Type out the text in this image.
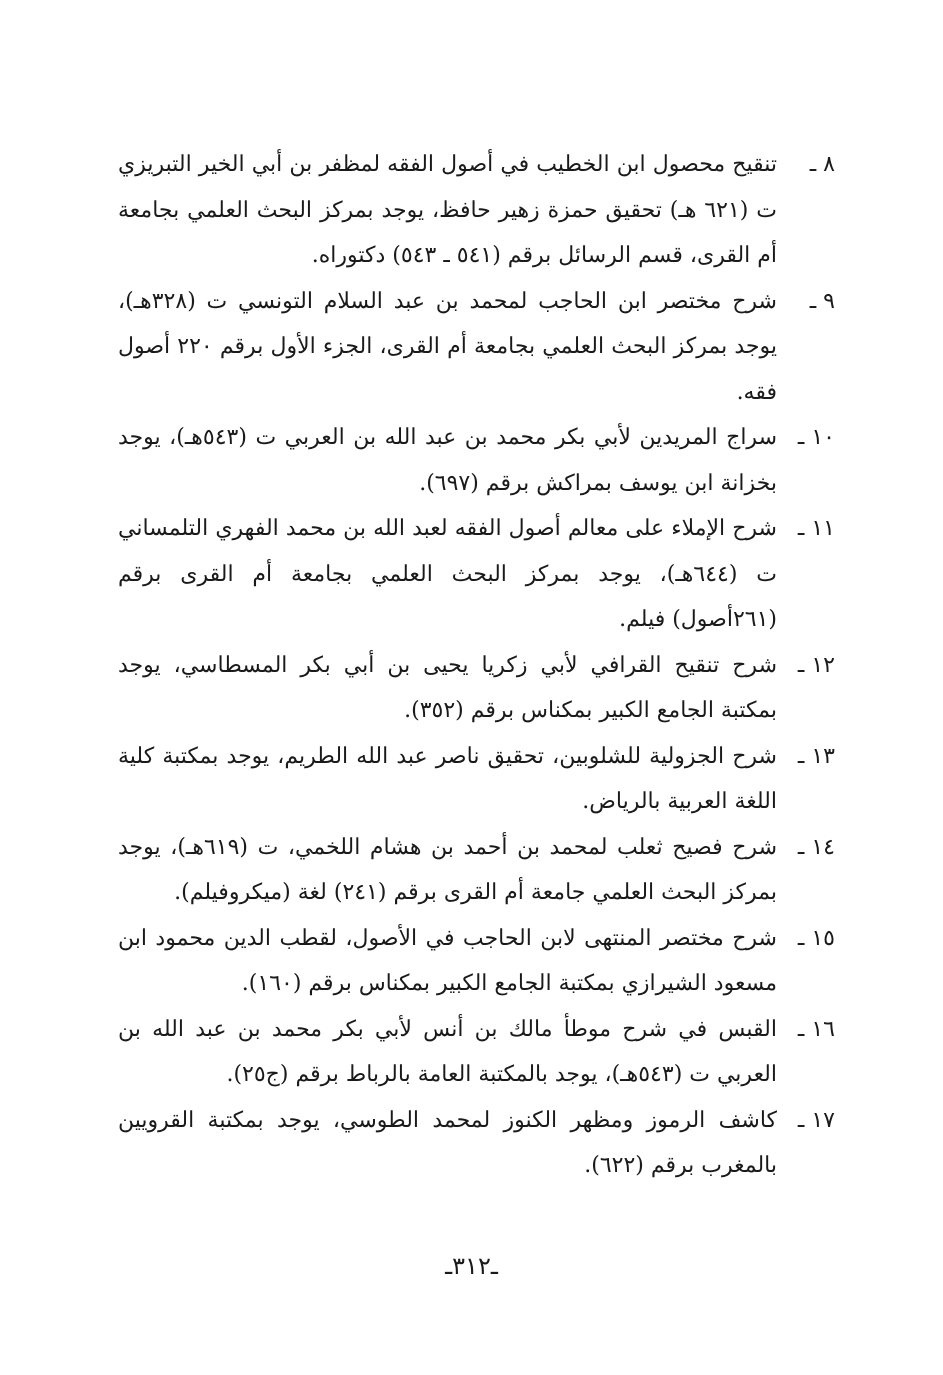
٨ ـ
تنقيح محصول ابن الخطيب في أصول الفقه لمظفر بن أبي الخير التبريزي ت (٦٢١ هـ) تحقيق حمزة زهير حافظ، يوجد بمركز البحث العلمي بجامعة أم القرى، قسم الرسائل برقم (٥٤١ ـ ٥٤٣) دكتوراه.
٩ ـ
شرح مختصر ابن الحاجب لمحمد بن عبد السلام التونسي ت (٣٢٨هـ)، يوجد بمركز البحث العلمي بجامعة أم القرى، الجزء الأول برقم ٢٢٠ أصول فقه.
١٠ ـ
سراج المريدين لأبي بكر محمد بن عبد الله بن العربي ت (٥٤٣هـ)، يوجد بخزانة ابن يوسف بمراكش برقم (٦٩٧).
١١ ـ
شرح الإملاء على معالم أصول الفقه لعبد الله بن محمد الفهري التلمساني ت (٦٤٤هـ)، يوجد بمركز البحث العلمي بجامعة أم القرى برقم (٢٦١أصول) فيلم.
١٢ ـ
شرح تنقيح القرافي لأبي زكريا يحيى بن أبي بكر المسطاسي، يوجد بمكتبة الجامع الكبير بمكناس برقم (٣٥٢).
١٣ ـ
شرح الجزولية للشلوبين، تحقيق ناصر عبد الله الطريم، يوجد بمكتبة كلية اللغة العربية بالرياض.
١٤ ـ
شرح فصيح ثعلب لمحمد بن أحمد بن هشام اللخمي، ت (٦١٩هـ)، يوجد بمركز البحث العلمي جامعة أم القرى برقم (٢٤١) لغة (ميكروفيلم).
١٥ ـ
شرح مختصر المنتهى لابن الحاجب في الأصول، لقطب الدين محمود ابن مسعود الشيرازي بمكتبة الجامع الكبير بمكناس برقم (١٦٠).
١٦ ـ
القبس في شرح موطأ مالك بن أنس لأبي بكر محمد بن عبد الله بن العربي ت (٥٤٣هـ)، يوجد بالمكتبة العامة بالرباط برقم (ج٢٥).
١٧ ـ
كاشف الرموز ومظهر الكنوز لمحمد الطوسي، يوجد بمكتبة القرويين بالمغرب برقم (٦٢٢).
ـ٣١٢ـ
